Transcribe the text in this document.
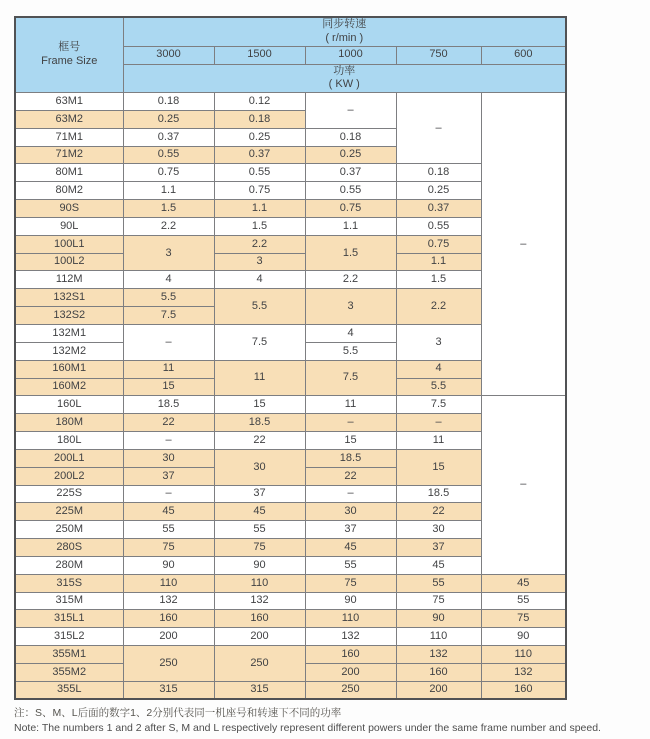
框号
Frame Size

同步转速
( r/min )

	3000	1500	1000	750	600

	功率
( KW )				

63M1	0.18	0.12	–	–	–
63M2	0.25	0.18			
71M1	0.37	0.25	0.18		
71M2	0.55	0.37	0.25		
80M1	0.75	0.55	0.37	0.18	
80M2	1.1	0.75	0.55	0.25	
90S	1.5	1.1	0.75	0.37	
90L	2.2	1.5	1.1	0.55	
100L1	3	2.2	1.5	0.75	
100L2		3		1.1	
112M	4	4	2.2	1.5	
132S1	5.5	5.5	3	2.2	
132S2	7.5				
132M1	–	7.5	4	3	
132M2			5.5		
160M1	11	11	7.5	4	
160M2	15			5.5	
160L	18.5	15	11	7.5	–
180M	22	18.5	–	–	
180L	–	22	15	11	
200L1	30	30	18.5	15	
200L2	37		22		
225S	–	37	–	18.5	
225M	45	45	30	22	
250M	55	55	37	30	
280S	75	75	45	37	
280M	90	90	55	45	
315S	110	110	75	55	45
315M	132	132	90	75	55
315L1	160	160	110	90	75
315L2	200	200	132	110	90
355M1	250	250	160	132	110
355M2			200	160	132
355L	315	315	250	200	160
注：S、M、L后面的数字1、2分别代表同一机座号和转速下不同的功率
Note: The numbers 1 and 2 after S, M and L respectively represent different powers under the same frame number and speed.
